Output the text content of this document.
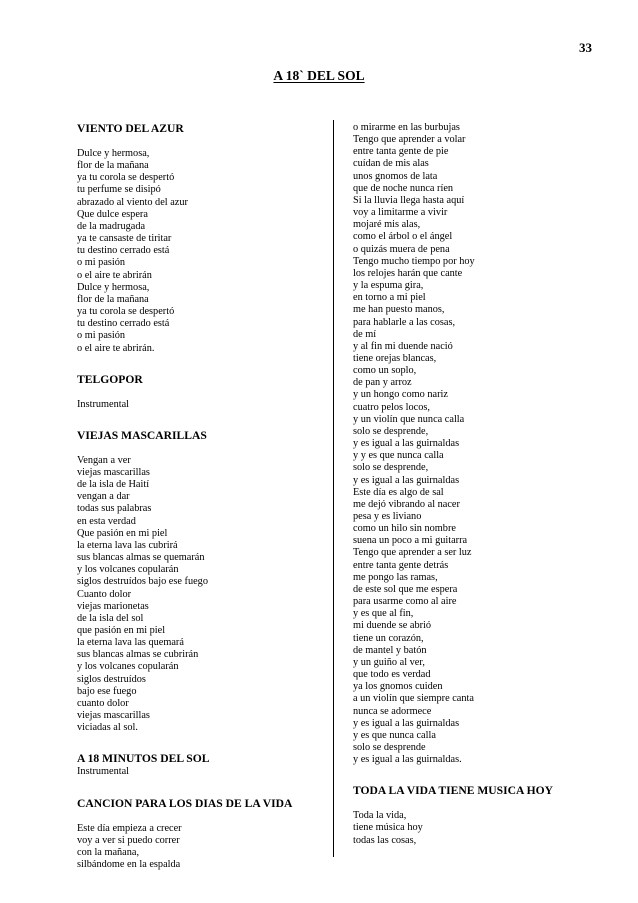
33
A 18` DEL SOL
VIENTO DEL AZUR
Dulce y hermosa,
flor de la mañana
ya tu corola se despertó
tu perfume se disipó
abrazado al viento del azur
Que dulce espera
de la madrugada
ya te cansaste de tiritar
tu destino cerrado está
o mi pasión
o el aire te abrirán
Dulce y hermosa,
flor de la mañana
ya tu corola se despertó
tu destino cerrado está
o mi pasión
o el aire te abrirán.
TELGOPOR
Instrumental
VIEJAS MASCARILLAS
Vengan a ver
viejas mascarillas
de la isla de Haití
vengan a dar
todas sus palabras
en esta verdad
Que pasión en mi piel
la eterna lava las cubrirá
sus blancas almas se quemarán
y los volcanes copularán
siglos destruídos bajo ese fuego
Cuanto dolor
viejas marionetas
de la isla del sol
que pasión en mi piel
la eterna lava las quemará
sus blancas almas se cubrirán
y los volcanes copularán
siglos destruídos
bajo ese fuego
cuanto dolor
viejas mascarillas
viciadas al sol.
A 18 MINUTOS DEL SOL
Instrumental
CANCION PARA LOS DIAS DE LA VIDA
Este día empieza a crecer
voy a ver si puedo correr
con la mañana,
silbándome en la espalda
o mirarme en las burbujas
Tengo que aprender a volar
entre tanta gente de pie
cuídan de mis alas
unos gnomos de lata
que de noche nunca ríen
Si la lluvia llega hasta aquí
voy a limitarme a vivir
mojaré mis alas,
como el árbol o el ángel
o quizás muera de pena
Tengo mucho tiempo por hoy
los relojes harán que cante
y la espuma gira,
en torno a mi piel
me han puesto manos,
para hablarle a las cosas,
de mí
y al fin mi duende nació
tiene orejas blancas,
como un soplo,
de pan y arroz
y un hongo como nariz
cuatro pelos locos,
y un violín que nunca calla
solo se desprende,
y es igual a las guirnaldas
y y es que nunca calla
solo se desprende,
y es igual a las guirnaldas
Este día es algo de sal
me dejó vibrando al nacer
pesa y es liviano
como un hilo sin nombre
suena un poco a mi guitarra
Tengo que aprender a ser luz
entre tanta gente detrás
me pongo las ramas,
de este sol que me espera
para usarme como al aire
y es que al fin,
mi duende se abrió
tiene un corazón,
de mantel y batón
y un guiño al ver,
que todo es verdad
ya los gnomos cuiden
a un violín que siempre canta
nunca se adormece
y es igual a las guirnaldas
y es que nunca calla
solo se desprende
y es igual a las guirnaldas.
TODA LA VIDA TIENE MUSICA HOY
Toda la vida,
tiene música hoy
todas las cosas,
